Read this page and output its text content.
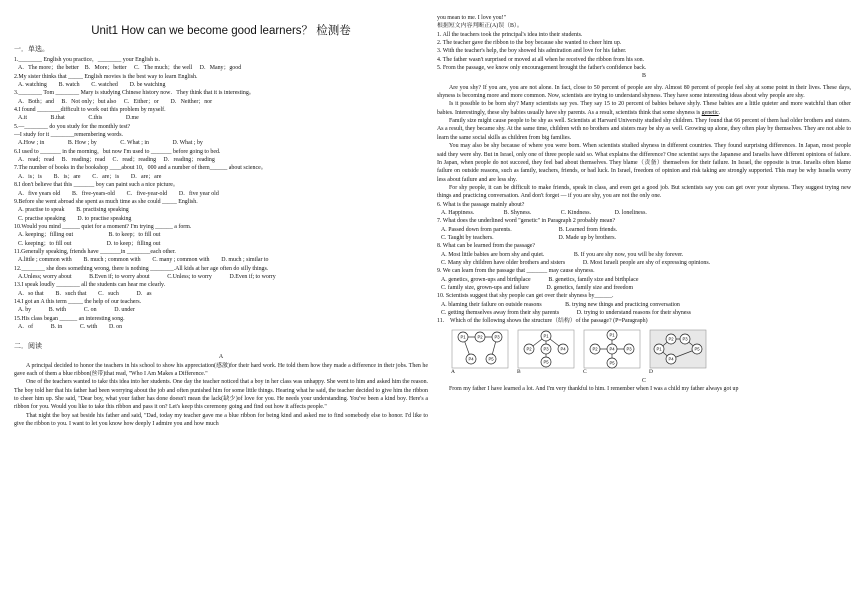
Unit1 How can we become good learners？ 检测卷
一．单选。
1.________ English you practice，________ your English is.
A．The more；the better　B．More；better　 C．The much；the well　 D．Many；good
2.My sister thinks that _____ English movies is the best way to learn English.
A. watching　　B. watch　　C. watched　　D. be watching
3.________ Tom ________ Mary is studying Chinese history now．They think that it is interesting。
A．Both；and　 B．Not only；but also　 C．Either；or　　D．Neither；nor
4.I found ________difficult to work out this problem by myself.
A.it　　　　B.that　　　　C.this　　　　D.me
5.—________ do you study for the monthly test?
—I study for it ________remembering words.
A.How ; in　　　　B. How ; by　　　　C. What ; in　　　　D. What ; by
6.I used to _______ in the morning，but now I'm used to _______ before going to bed.
A．read；read　 B．reading；read　 C．read；reading　 D．reading；reading
7.The number of books in the bookshop ____about 10，000 and a number of them______ about science。
A．is；is　　B．is；are　　C．are；is　　D．are；are
8.I don't believe that this _______ boy can paint such a nice picture。
A．five years old　　B．five-years-old　　C．five-year-old　　D．five year old
9.Before she went abroad she spent as much time as she could _____ English.
A. practise to speak　　B. practising speaking
C. practise speaking　　D. to practise speaking
10.Would you mind ______ quiet for a moment? I'm trying ______ a form.
A. keeping；filling out　　　　　　B. to keep；to fill out
C. keeping；to fill out　　　　　　D. to keep；filling out
11.Generally speaking, friends have _______in ________each other.
A.little ; common with　　B. much ; common with　　C. many ; common with　　D. much ; similar to
12.________ she does something wrong, there is nothing ________.All kids at her age often do silly things.
A.Unless; worry about　　　B.Even if; to worry about　　　C.Unless; to worry　　　D.Even if; to worry
13.I speak loudly ________ all the students can hear me clearly.
A．so that　　B．such that　　C．such　　　D．as
14.I got an A this term _____ the help of our teachers.
A. by　　　B. with　　　C. on　　　D. under
15.His class began ______ an interesting song.
A．of　　　B. in　　　C. with　　D. on
二．阅读
A

A principal decided to honor the teachers in his school to show his appreciation(感激)for their hard work. He told them how they made a difference in their jobs. Then he gave each of them a blue ribbon(丝带)that read, "Who I Am Makes a Difference."

One of the teachers wanted to take this idea into her students. One day the teacher noticed that a boy in her class was unhappy. She went to him and asked him the reason. The boy told her that his father had been worrying about the job and often punished him for some little things. Hearing what he said, the teacher decided to give him the ribbon to cheer him up. She said, "Dear boy, what your father has done doesn't mean the lack(缺少)of love for you. He needs your understanding. You've been a kind boy. Here's a ribbon for you. Would you like to take this ribbon and pass it on? Let's keep this ceremony going and find out how it affects people."

That night the boy sat beside his father and said, "Dad, today my teacher gave me a blue ribbon for being kind and asked me to find somebody else to honor. I'd like to give the ribbon to you. I want to let you know how deeply I admire you and how much

you mean to me. I love you!"
根据短文内容判断正(A)误（B）。
1. All the teachers took the principal's idea into their students.
2. The teacher gave the ribbon to the boy because she wanted to cheer him up.
3. With the teacher's help, the boy showed his admiration and love for his father.
4. The father wasn't surprised or moved at all when he received the ribbon from his son.
5. From the passage, we know only encouragement brought the father's confidence back.
B

Are you shy? If you are, you are not alone. In fact, close to 50 percent of people are shy. Almost 80 percent of people feel shy at some point in their lives. These days, shyness is becoming more and more common. Now, scientists are trying to understand shyness. They have some interesting ideas about why people are shy.

Is it possible to be born shy? Many scientists say yes. They say 15 to 20 percent of babies behave shyly. These babies are a little quieter and more watchful than other babies. Interestingly, these shy babies usually have shy parents. As a result, scientists think that some shyness is genetic.

Family size might cause people to be shy as well. Scientists at Harvard University studied shy children. They found that 66 percent of them had older brothers and sisters. As a result, they became shy. At the same time, children with no brothers and sisters may be shy as well. Growing up alone, they often play by themselves. They are not able to learn the same social skills as children from big families.

You may also be shy because of where you were born. When scientists studied shyness in different countries. They found surprising differences. In Japan, most people said they were shy. But in Israel, only one of three people said so. What explains the difference? One scientist says the Japanese and Israelis have different opinions of failure. In Japan, when people do not succeed, they feel bad about themselves. They blame（责备）themselves for their failure. In Israel, the opposite is true. Israelis often blame failure on outside reasons, such as family, teachers, friends, or bad luck. In Israel, freedom of opinion and risk taking are strongly supported. This may be why Israelis worry less about failure and are less shy.

For shy people, it can be difficult to make friends, speak in class, and even get a good job. But scientists say you can get over your shyness. They suggest trying new things and practicing conversation. And don't forget — if you are shy, you are not the only one.

6. What is the passage mainly about?
A. Happiness.　　　　　B. Shyness.　　　　　C. Kindness.　　　　D. loneliness.
7. What does the underlined word "genetic" in Paragraph 2 probably mean?
A. Passed down from parents.　　　　　　　　B. Learned from friends.
C. Taught by teachers.　　　　　　　　　　　D. Made up by brothers.
8. What can be learned from the passage?
A. Most little babies are born shy and quiet.　　　　　B. If you are shy now, you will be shy forever.
C. Many shy children have older brothers and sisters　　　D. Most Israeli people are shy of expressing opinions.
9. We can learn from the passage that _______ may cause shyness.
A. genetics, grown-ups and birthplace　　　B. genetics, family size and birthplace
C. family size, grown-ups and failure　　　D. genetics, family size and freedom
10. Scientists suggest that shy people can get over their shyness by______.
A. blaming their failure on outside reasons　　　　B. trying new things and practicing conversation
C. getting themselves away from their shy parents　　　D. trying to understand reasons for their shyness
11.　Which of the following shows the structure（结构）of the passage? (P=Paragraph)
P1	P2	P3
P4	P5
A
P1
P2	P3	P4
P5
B
P1
P2	P3
P4
P5
C
P1
P2 P3
P4
P5
D
C

From my father I have learned a lot. And I'm very thankful to him. I remember when I was a child my father always got up
